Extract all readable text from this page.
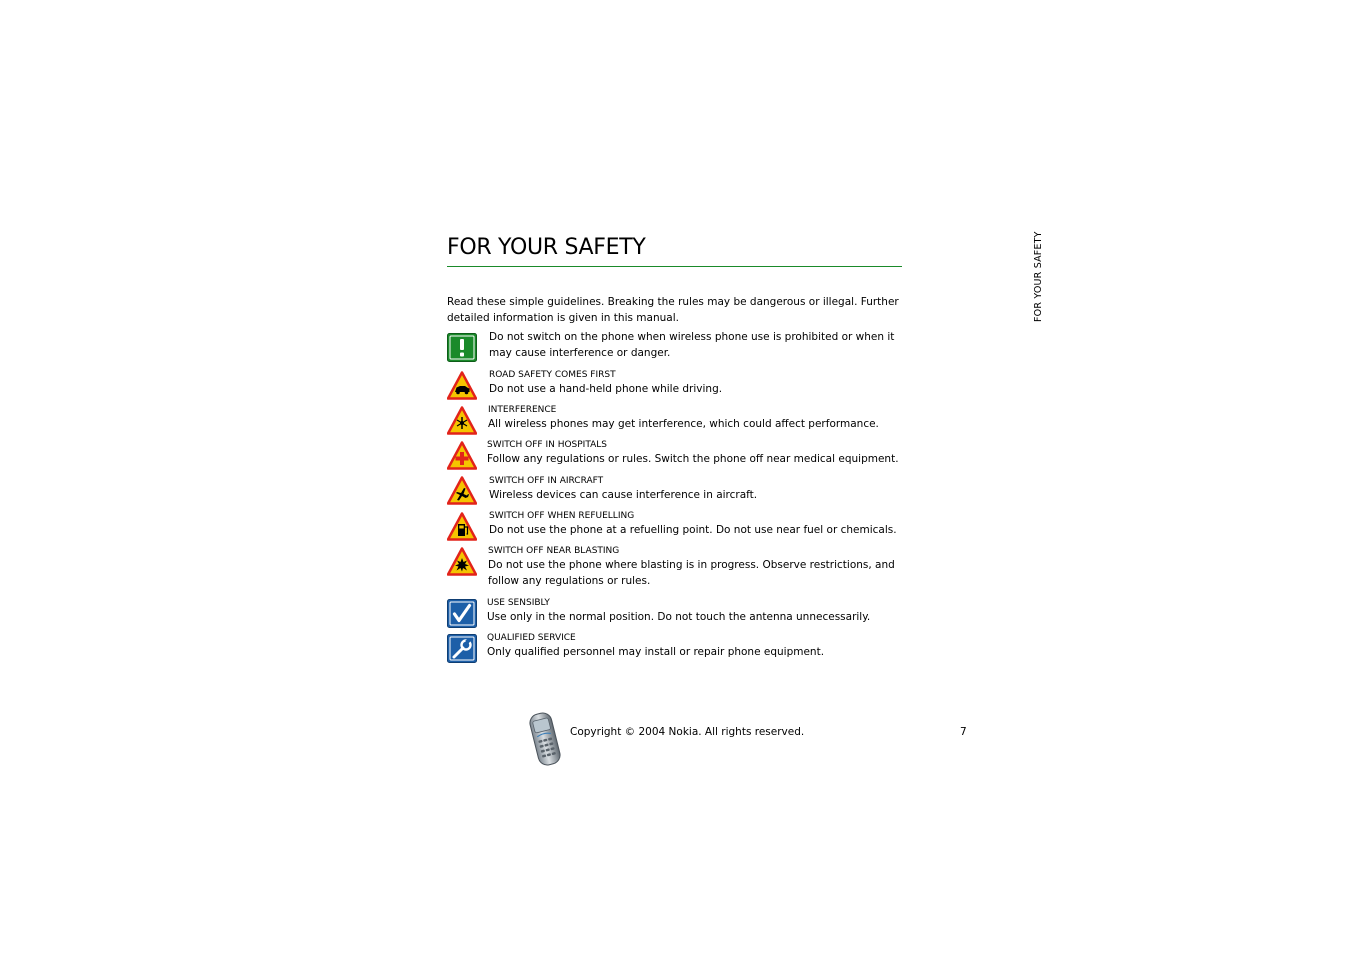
FOR YOUR SAFETY	FOR YOUR SAFETY
Read these simple guidelines. Breaking the rules may be dangerous or illegal. Further detailed information is given in this manual.
Do not switch on the phone when wireless phone use is prohibited or when it may cause interference or danger.
ROAD SAFETY COMES FIRST
Do not use a hand-held phone while driving.
INTERFERENCE
All wireless phones may get interference, which could affect performance.
SWITCH OFF IN HOSPITALS
Follow any regulations or rules. Switch the phone off near medical equipment.
SWITCH OFF IN AIRCRAFT
Wireless devices can cause interference in aircraft.
SWITCH OFF WHEN REFUELLING
Do not use the phone at a refuelling point. Do not use near fuel or chemicals.
SWITCH OFF NEAR BLASTING
Do not use the phone where blasting is in progress. Observe restrictions, and follow any regulations or rules.
USE SENSIBLY
Use only in the normal position. Do not touch the antenna unnecessarily.
QUALIFIED SERVICE
Only qualified personnel may install or repair phone equipment.
Copyright © 2004 Nokia. All rights reserved.	7
